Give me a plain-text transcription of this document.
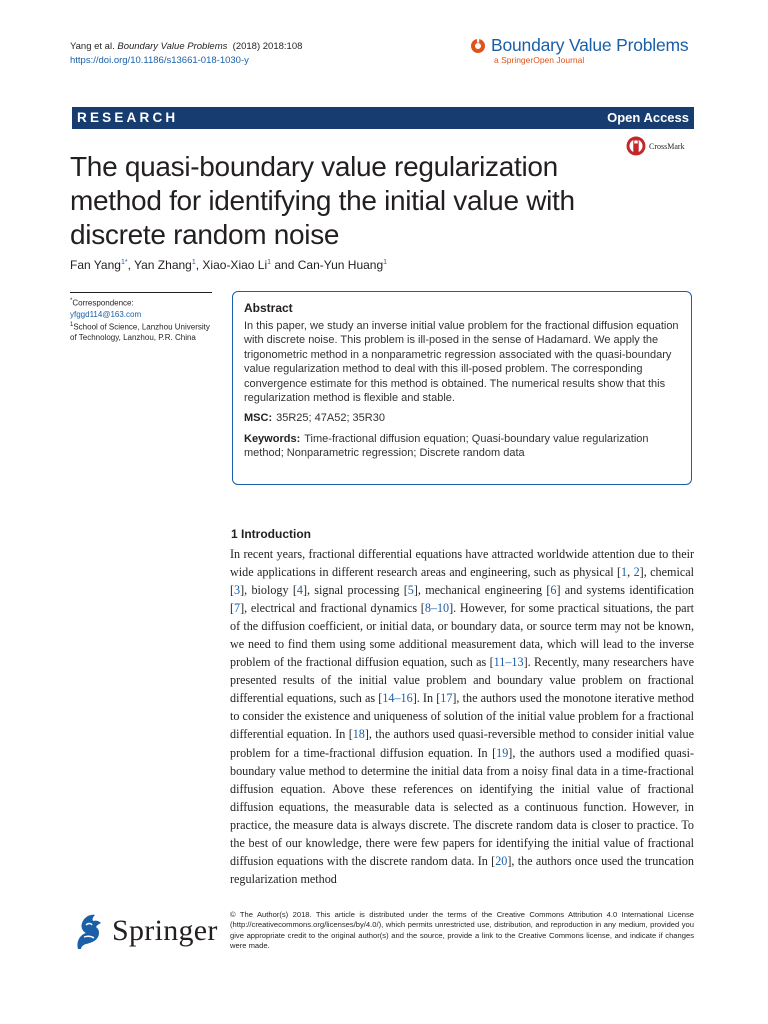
Yang et al. Boundary Value Problems (2018) 2018:108
https://doi.org/10.1186/s13661-018-1030-y
Boundary Value Problems
a SpringerOpen Journal
RESEARCH	Open Access
The quasi-boundary value regularization method for identifying the initial value with discrete random noise
CrossMark
Fan Yang$^{1*}$, Yan Zhang$^1$, Xiao-Xiao Li$^1$ and Can-Yun Huang$^1$
*Correspondence:
yfggd114@163.com
$^1$School of Science, Lanzhou University of Technology, Lanzhou, P.R. China
Abstract
In this paper, we study an inverse initial value problem for the fractional diffusion equation with discrete noise. This problem is ill-posed in the sense of Hadamard. We apply the trigonometric method in a nonparametric regression associated with the quasi-boundary value regularization method to deal with this ill-posed problem. The corresponding convergence estimate for this method is obtained. The numerical results show that this regularization method is flexible and stable.
MSC: 35R25; 47A52; 35R30
Keywords: Time-fractional diffusion equation; Quasi-boundary value regularization method; Nonparametric regression; Discrete random data
1 Introduction
In recent years, fractional differential equations have attracted worldwide attention due to their wide applications in different research areas and engineering, such as physical [1, 2], chemical [3], biology [4], signal processing [5], mechanical engineering [6] and systems identification [7], electrical and fractional dynamics [8–10]. However, for some practical situations, the part of the diffusion coefficient, or initial data, or boundary data, or source term may not be known, we need to find them using some additional measurement data, which will lead to the inverse problem of the fractional diffusion equation, such as [11–13]. Recently, many researchers have presented results of the initial value problem and boundary value problem on fractional differential equations, such as [14–16]. In [17], the authors used the monotone iterative method to consider the existence and uniqueness of solution of the initial value problem for a fractional differential equation. In [18], the authors used quasi-reversible method to consider initial value problem for a time-fractional diffusion equation. In [19], the authors used a modified quasi-boundary value method to determine the initial data from a noisy final data in a time-fractional diffusion equation. Above these references on identifying the initial value of fractional diffusion equations, the measurable data is selected as a continuous function. However, in practice, the measure data is always discrete. The discrete random data is closer to practice. To the best of our knowledge, there were few papers for identifying the initial value of fractional diffusion equations with the discrete random data. In [20], the authors once used the truncation regularization method
Springer © The Author(s) 2018. This article is distributed under the terms of the Creative Commons Attribution 4.0 International License (http://creativecommons.org/licenses/by/4.0/), which permits unrestricted use, distribution, and reproduction in any medium, provided you give appropriate credit to the original author(s) and the source, provide a link to the Creative Commons license, and indicate if changes were made.
